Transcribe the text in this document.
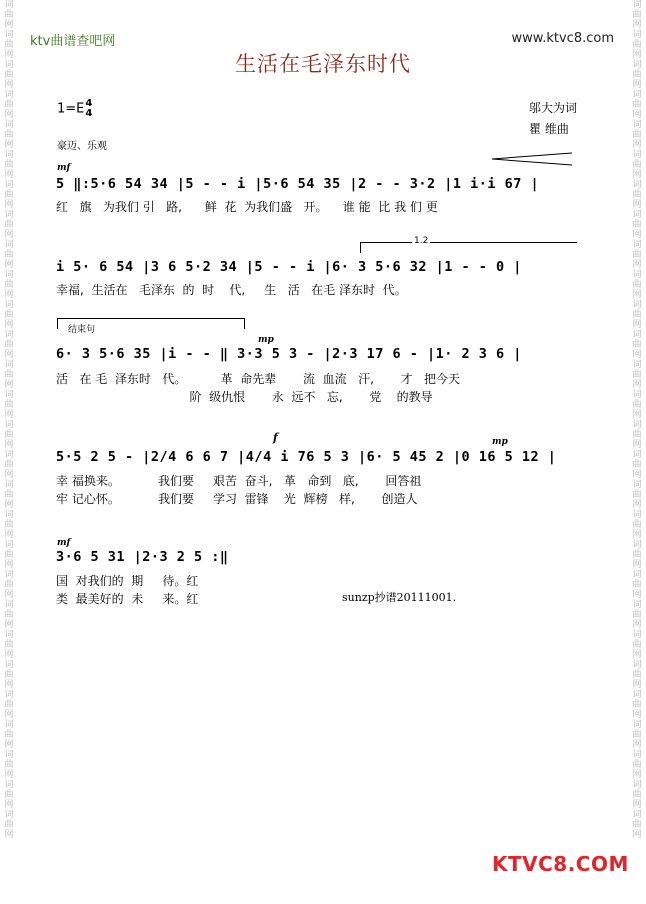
词曲网词曲网词曲网词曲网词曲网词曲网词曲网词曲网词曲网词曲网词曲网词曲网词曲网词曲网词曲网词曲网词曲网词曲网词曲网词曲网词曲网词曲网词曲网词曲网词曲网词曲网词曲网词曲网
词曲网词曲网词曲网词曲网词曲网词曲网词曲网词曲网词曲网词曲网词曲网词曲网词曲网词曲网词曲网词曲网词曲网词曲网词曲网词曲网词曲网词曲网词曲网词曲网词曲网词曲网词曲网词曲网
ktv曲谱查吧网	www.ktvc8.com
生活在毛泽东时代
1=E4
4	邬大为词
瞿 维曲
豪迈、乐观
mf
5 ‖:5·6 54 34 |5 - - i |5·6 54 35 |2 - - 3·2 |1 i·i 67 |
红   旗   为我们 引   路,      鲜  花  为我们盛   开。    谁 能  比 我 们 更
1.2
i 5· 6 54 |3 6 5·2 34 |5 - - i |6· 3 5·6 32 |1 - - 0 |
幸福,  生活在   毛泽东  的  时    代,     生   活   在毛 泽东时  代。
结束句
mp
6· 3 5·6 35 |i - - ‖ 3·3 5 3 - |2·3 17 6 - |1· 2 3 6 |
活   在 毛  泽东时   代。         革  命先辈       流  血流   汗,       才   把今天
阶  级仇恨       永  远不   忘,       党    的教导
f	mp
5·5 2 5 - |2/4 6 6 7 |4/4 i 76 5 3 |6· 5 45 2 |0 16 5 12 |
幸 福换来。          我们要     艰苦  奋斗,   革   命到   底,       回答祖
牢 记心怀。          我们要     学习  雷锋    光  辉榜   样,       创造人
mf
3·6 5 31 |2·3 2 5 :‖
国  对我们的  期     待。红
类  最美好的  未     来。红	sunzp抄谱20111001.
KTVC8.COM
